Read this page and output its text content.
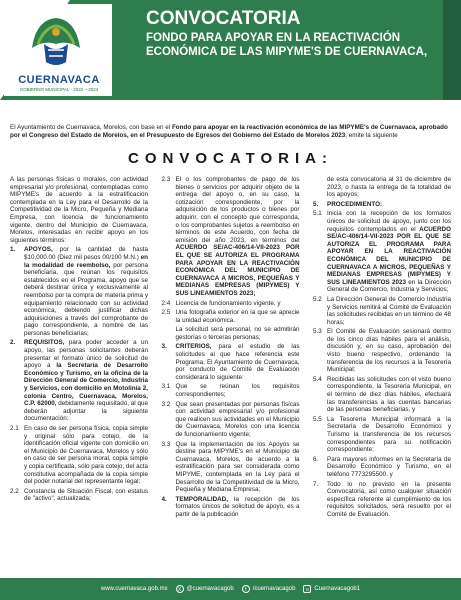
CUERNAVACA
GOBIERNO MUNICIPAL · 2022 – 2024
CONVOCATORIA
FONDO PARA APOYAR EN LA REACTIVACIÓN ECONÓMICA DE LAS MIPYME'S DE CUERNAVACA,
El Ayuntamiento de Cuernavaca, Morelos, con base en el Fondo para apoyar en la reactivación económica de las MIPYME's de Cuernavaca, aprobado por el Congreso del Estado de Morelos, en el Presupuesto de Egresos del Gobierno del Estado de Morelos 2023, emite la siguiente
CONVOCATORIA:

A las personas físicas o morales, con actividad empresarial y/o profesional, contempladas como MIPYME's de acuerdo a la estratificación contemplada en la Ley para el Desarrollo de la Competitividad de la Micro, Pequeña y Mediana Empresa, con licencia de funcionamiento vigente, dentro del Municipio de Cuernavaca, Morelos, interesadas en recibir apoyo en los siguientes términos:

1.	APOYOS, por la cantidad de hasta $10,000.00 (Diez mil pesos 00/100 M.N.) en la modalidad de reembolso, por persona beneficiaria, que reúnan los requisitos establecidos en el Programa, apoyo que se deberá destinar única y exclusivamente al reembolso por la compra de materia prima y equipamiento relacionado con su actividad económica, debiendo justificar dichas adquisiciones a través del comprobante de pago correspondiente, a nombre de las personas beneficiarias;
2.	REQUISITOS, para poder acceder a un apoyo, las personas solicitantes deberán presentar el formato único de solicitud de apoyo a la Secretaría de Desarrollo Económico y Turismo, en la oficina de la Dirección General de Comercio, Industria y Servicios, con domicilio en Motolinía 2, colonia Centro, Cuernavaca, Morelos, C.P. 62000, debidamente requisitado, al que deberán adjuntar la siguiente documentación:
2.1 En caso de ser persona física, copia simple y original sólo para cotejo, de la identificación oficial vigente con domicilio en el Municipio de Cuernavaca, Morelos y sólo en caso de ser persona moral, copia simple y copia certificada, sólo para cotejo, del acta constitutiva acompañada de la copia simple del poder notarial del representante legal;
2.2 Constancia de Situación Fiscal, con estatus de "activo", actualizada;
2.3 El o los comprobantes de pago de los bienes o servicios por adquirir objeto de la entrega del apoyo o, en su caso, la cotización correspondiente, por la adquisición de los productos o bienes por adquirir, con el concepto que corresponda, o los comprobantes sujetos a reembolso en términos de este Acuerdo, con fecha de emisión del año 2023, en términos del ACUERDO SE/AC-406/14-VII-2023 POR EL QUE SE AUTORIZA EL PROGRAMA PARA APOYAR EN LA REACTIVACIÓN ECONÓMICA DEL MUNICIPIO DE CUERNAVACA A MICROS, PEQUEÑAS Y MEDIANAS EMPRESAS (MIPYMES) Y SUS LINEAMIENTOS 2023;
2.4 Licencia de funcionamiento vigente, y
2.5 Una fotografía exterior en la que se aprecie la unidad económica.
La solicitud será personal, no se admitirán gestorías o terceras personas;
3.	CRITERIOS, para el estudio de las solicitudes al que hace referencia este Programa, El Ayuntamiento de Cuernavaca, por conducto de Comité de Evaluación considerará lo siguiente:
3.1 Que se reúnan los requisitos correspondientes;
3.2 Que sean presentadas por personas físicas con actividad empresarial y/o profesional que realicen sus actividades en el Municipio de Cuernavaca, Morelos con una licencia de funcionamiento vigente;
3.3 Que la implementación de los Apoyos se destine para MIPYME's en el Municipio de Cuernavaca, Morelos, de acuerdo a la estratificación para ser considerada como MIPYME, contemplada en la Ley para el Desarrollo de la Competitividad de la Micro, Pequeña y Mediana Empresa;
4.	TEMPORALIDAD, la recepción de los formatos únicos de solicitud de apoyo, es a partir de la publicación
de esta convocatoria al 31 de diciembre de 2023, o hasta la entrega de la totalidad de los apoyos;
5.	PROCEDIMIENTO:
5.1 Inicia con la recepción de los formatos únicos de solicitud de apoyo, junto con los requisitos contemplados en el ACUERDO SE/AC-406/14-VII-2023 POR EL QUE SE AUTORIZA EL PROGRAMA PARA APOYAR EN LA REACTIVACIÓN ECONÓMICA DEL MUNICIPIO DE CUERNAVACA A MICROS, PEQUEÑAS Y MEDIANAS EMPRESAS (MIPYMES) Y SUS LINEAMIENTOS 2023 en la Dirección General de Comercio, Industria y Servicios;
5.2 La Dirección General de Comercio Industria y Servicios remitirá al Comité de Evaluación las solicitudes recibidas en un término de 48 horas;
5.3 El Comité de Evaluación sesionará dentro de los cinco días hábiles para el análisis, discusión y, en su caso, aprobación del visto bueno respectivo, ordenando la transferencia de los recursos a la Tesorería Municipal;
5.4 Recibidas las solicitudes con el visto bueno correspondiente, la Tesorería Municipal, en el término de diez días hábiles, efectuará las transferencias a las cuentas bancarias de las personas beneficiarias, y
5.5 La Tesorería Municipal informará a la Secretaría de Desarrollo Económico y Turismo la transferencia de los recursos correspondientes para su notificación correspondiente;
6.	Para mayores informes en la Secretaría de Desarrollo Económico y Turismo, en el teléfono 7773295500, y
7.	Todo lo no previsto en la presente Convocatoria, así como cualquier situación específica referente al cumplimiento de los requisitos solicitados, será resuelto por el Comité de Evaluación.
www.cuernavaca.gob.mx	X @cuernavacagob	f	/cuernavacagob	o Cuernavacagob1
